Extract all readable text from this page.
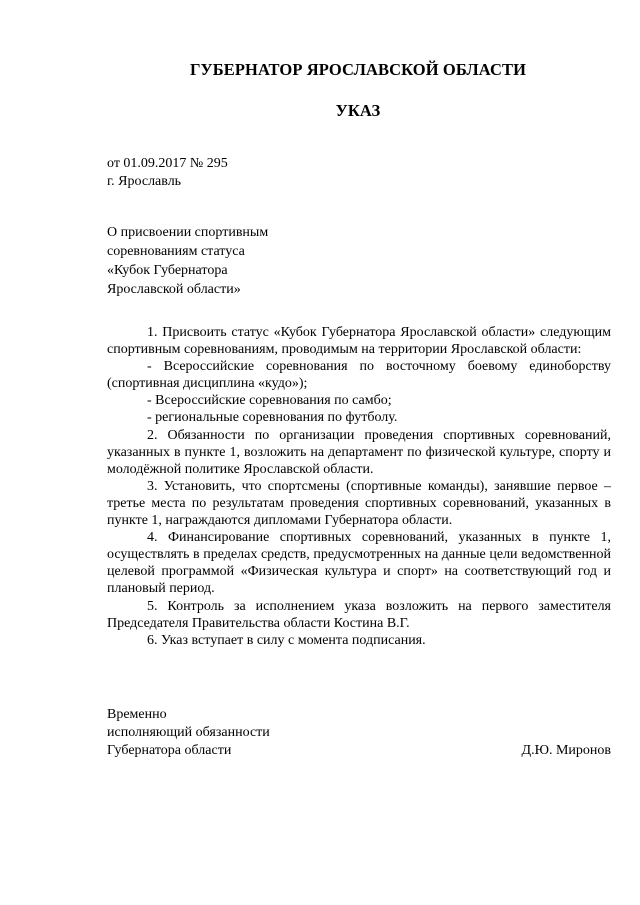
ГУБЕРНАТОР ЯРОСЛАВСКОЙ ОБЛАСТИ
УКАЗ
от 01.09.2017 № 295
г. Ярославль
О присвоении спортивным
соревнованиям статуса
«Кубок Губернатора
Ярославской области»

1. Присвоить статус «Кубок Губернатора Ярославской области» следующим спортивным соревнованиям, проводимым на территории Ярославской области:

- Всероссийские соревнования по восточному боевому единоборству (спортивная дисциплина «кудо»);

- Всероссийские соревнования по самбо;

- региональные соревнования по футболу.

2. Обязанности по организации проведения спортивных соревнований, указанных в пункте 1, возложить на департамент по физической культуре, спорту и молодёжной политике Ярославской области.

3. Установить, что спортсмены (спортивные команды), занявшие первое – третье места по результатам проведения спортивных соревнований, указанных в пункте 1, награждаются дипломами Губернатора области.

4. Финансирование спортивных соревнований, указанных в пункте 1, осуществлять в пределах средств, предусмотренных на данные цели ведомственной целевой программой «Физическая культура и спорт» на соответствующий год и плановый период.

5. Контроль за исполнением указа возложить на первого заместителя Председателя Правительства области Костина В.Г.

6. Указ вступает в силу с момента подписания.

Временно
исполняющий обязанности
Губернатора области	Д.Ю. Миронов
